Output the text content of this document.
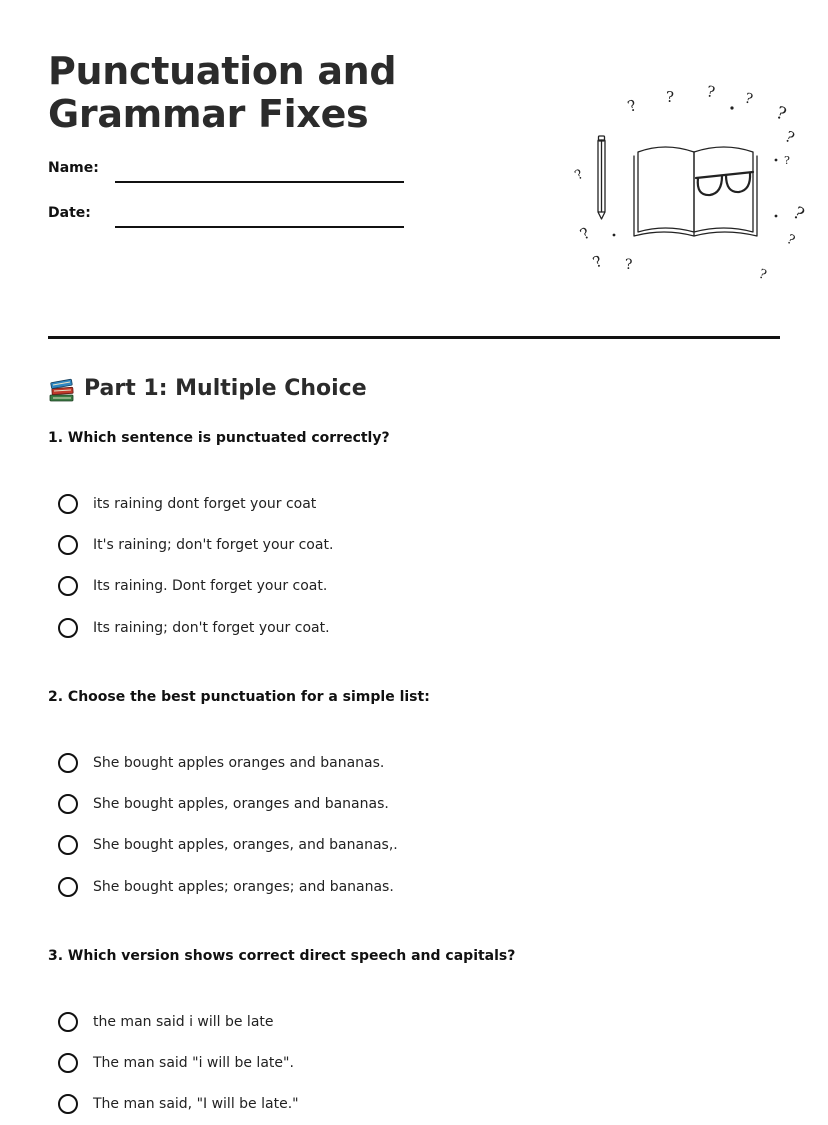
Punctuation and
Grammar Fixes
Name:
Date:
? ? ? ?
?
?
?
?
?
?
?
?
? ?
Part 1: Multiple Choice

1. Which sentence is punctuated correctly?

its raining dont forget your coat
It's raining; don't forget your coat.
Its raining. Dont forget your coat.
Its raining; don't forget your coat.

2. Choose the best punctuation for a simple list:

She bought apples oranges and bananas.
She bought apples, oranges and bananas.
She bought apples, oranges, and bananas,.
She bought apples; oranges; and bananas.

3. Which version shows correct direct speech and capitals?

the man said i will be late
The man said "i will be late".
The man said, "I will be late."
